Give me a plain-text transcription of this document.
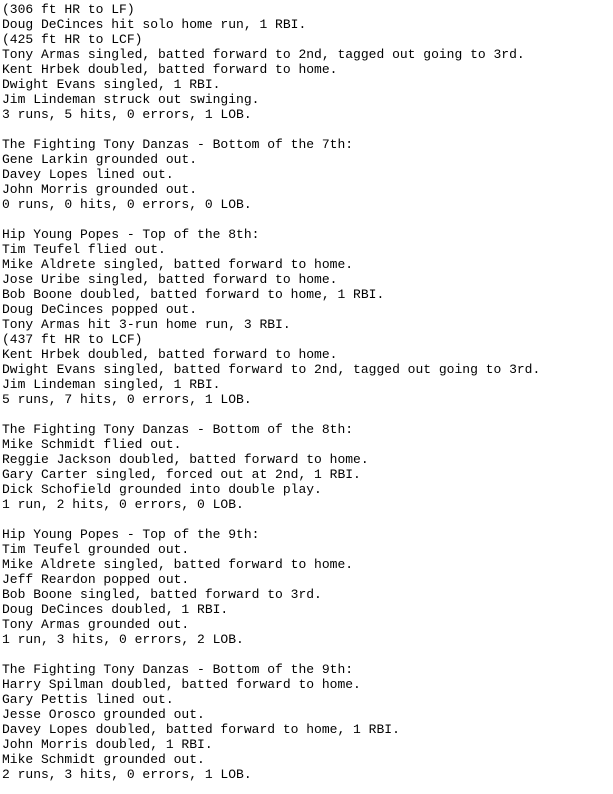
(306 ft HR to LF)
Doug DeCinces hit solo home run, 1 RBI.
(425 ft HR to LCF)
Tony Armas singled, batted forward to 2nd, tagged out going to 3rd.
Kent Hrbek doubled, batted forward to home.
Dwight Evans singled, 1 RBI.
Jim Lindeman struck out swinging.
3 runs, 5 hits, 0 errors, 1 LOB.
The Fighting Tony Danzas - Bottom of the 7th:
Gene Larkin grounded out.
Davey Lopes lined out.
John Morris grounded out.
0 runs, 0 hits, 0 errors, 0 LOB.
Hip Young Popes - Top of the 8th:
Tim Teufel flied out.
Mike Aldrete singled, batted forward to home.
Jose Uribe singled, batted forward to home.
Bob Boone doubled, batted forward to home, 1 RBI.
Doug DeCinces popped out.
Tony Armas hit 3-run home run, 3 RBI.
(437 ft HR to LCF)
Kent Hrbek doubled, batted forward to home.
Dwight Evans singled, batted forward to 2nd, tagged out going to 3rd.
Jim Lindeman singled, 1 RBI.
5 runs, 7 hits, 0 errors, 1 LOB.
The Fighting Tony Danzas - Bottom of the 8th:
Mike Schmidt flied out.
Reggie Jackson doubled, batted forward to home.
Gary Carter singled, forced out at 2nd, 1 RBI.
Dick Schofield grounded into double play.
1 run, 2 hits, 0 errors, 0 LOB.
Hip Young Popes - Top of the 9th:
Tim Teufel grounded out.
Mike Aldrete singled, batted forward to home.
Jeff Reardon popped out.
Bob Boone singled, batted forward to 3rd.
Doug DeCinces doubled, 1 RBI.
Tony Armas grounded out.
1 run, 3 hits, 0 errors, 2 LOB.
The Fighting Tony Danzas - Bottom of the 9th:
Harry Spilman doubled, batted forward to home.
Gary Pettis lined out.
Jesse Orosco grounded out.
Davey Lopes doubled, batted forward to home, 1 RBI.
John Morris doubled, 1 RBI.
Mike Schmidt grounded out.
2 runs, 3 hits, 0 errors, 1 LOB.
